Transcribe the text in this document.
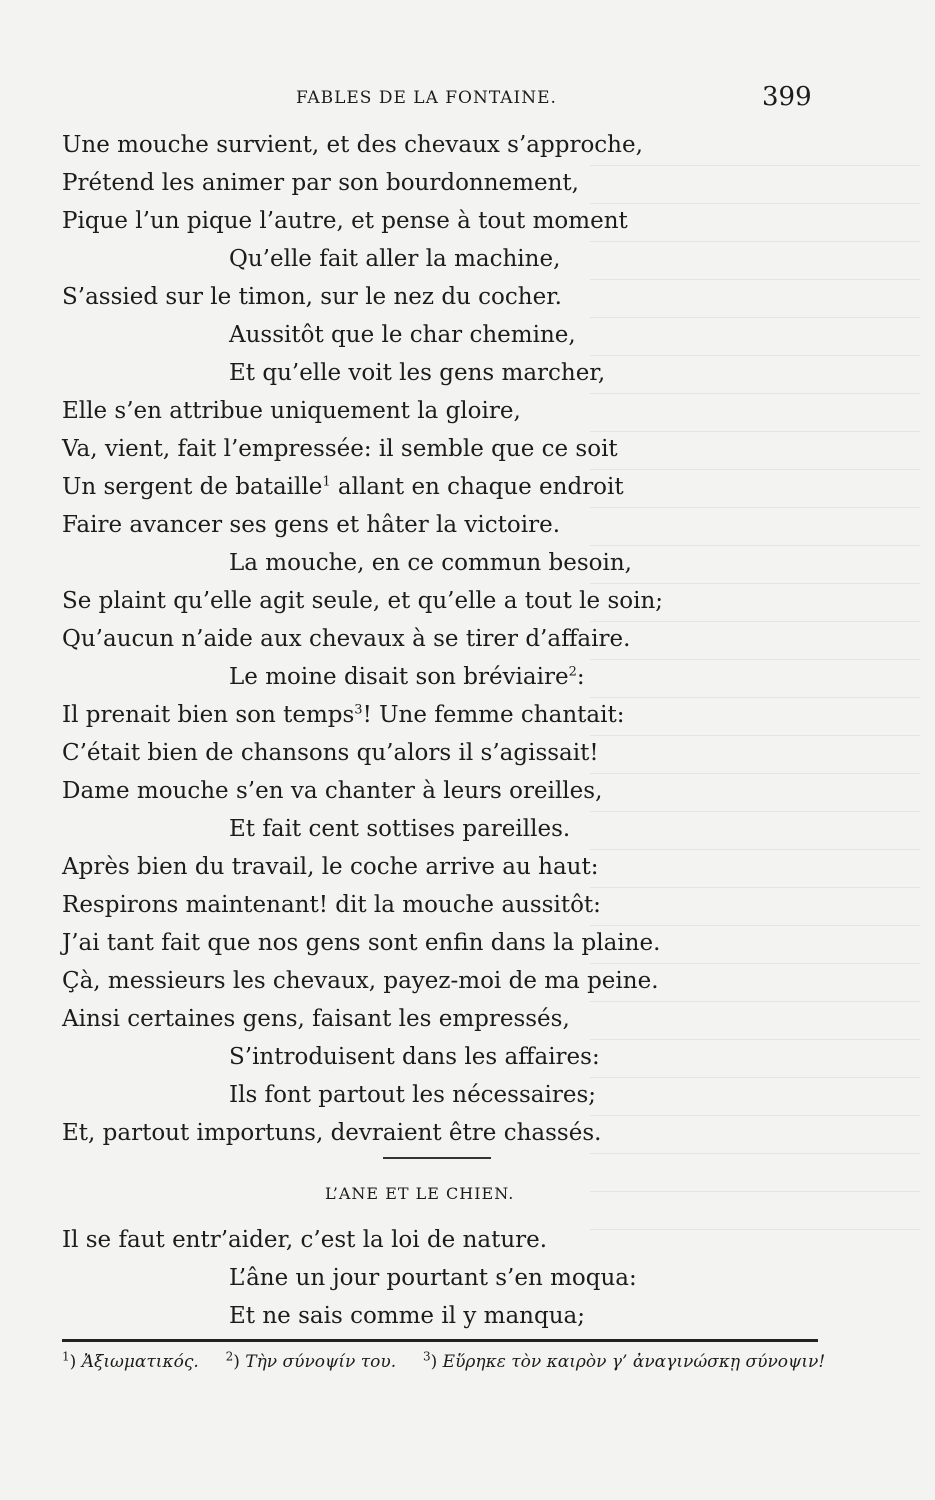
FABLES DE LA FONTAINE.	399
Une mouche survient, et des chevaux s’approche,
Prétend les animer par son bourdonnement,
Pique l’un pique l’autre, et pense à tout moment
Qu’elle fait aller la machine,
S’assied sur le timon, sur le nez du cocher.
Aussitôt que le char chemine,
Et qu’elle voit les gens marcher,
Elle s’en attribue uniquement la gloire,
Va, vient, fait l’empressée: il semble que ce soit
Un sergent de bataille$^1$ allant en chaque endroit
Faire avancer ses gens et hâter la victoire.
La mouche, en ce commun besoin,
Se plaint qu’elle agit seule, et qu’elle a tout le soin;
Qu’aucun n’aide aux chevaux à se tirer d’affaire.
Le moine disait son bréviaire$^2$:
Il prenait bien son temps$^3$! Une femme chantait:
C’était bien de chansons qu’alors il s’agissait!
Dame mouche s’en va chanter à leurs oreilles,
Et fait cent sottises pareilles.
Après bien du travail, le coche arrive au haut:
Respirons maintenant! dit la mouche aussitôt:
J’ai tant fait que nos gens sont enfin dans la plaine.
Çà, messieurs les chevaux, payez-moi de ma peine.
Ainsi certaines gens, faisant les empressés,
S’introduisent dans les affaires:
Ils font partout les nécessaires;
Et, partout importuns, devraient être chassés.
L’ANE ET LE CHIEN.
Il se faut entr’aider, c’est la loi de nature.
L’âne un jour pourtant s’en moqua:
Et ne sais comme il y manqua;
$^1$) Ἀξιωματικός. $^2$) Τὴν σύνοψίν του. $^3$) Εὕρηκε τὸν καιρὸν γ’ ἀναγινώσκῃ σύνοψιν!
